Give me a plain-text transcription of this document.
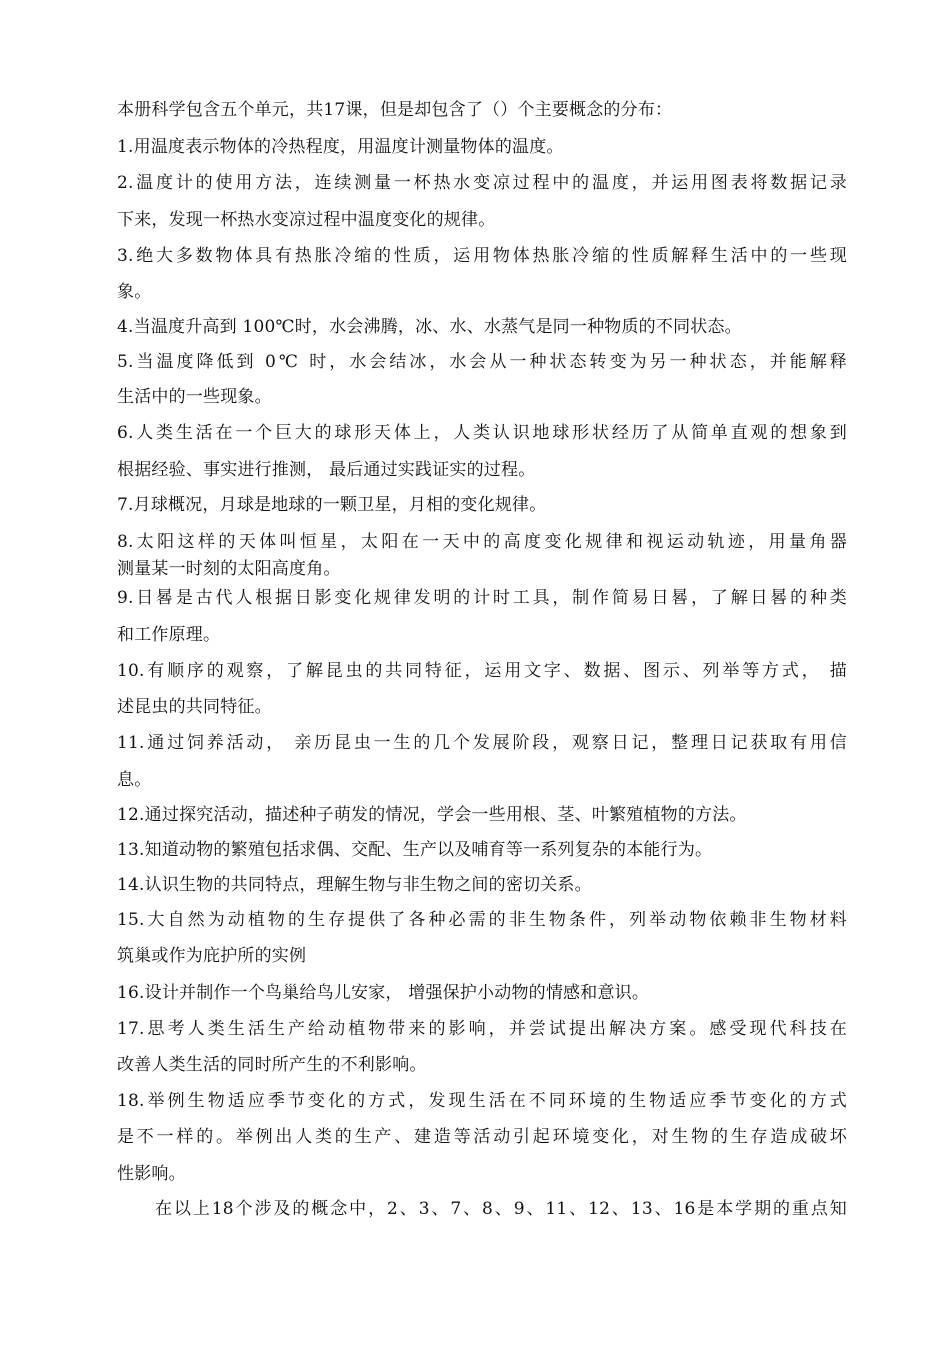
本册科学包含五个单元，共17课，但是却包含了（）个主要概念的分布：
1.用温度表示物体的冷热程度，用温度计测量物体的温度。
2.温度计的使用方法，连续测量一杯热水变凉过程中的温度，并运用图表将数据记录
下来，发现一杯热水变凉过程中温度变化的规律。
3.绝大多数物体具有热胀冷缩的性质，运用物体热胀冷缩的性质解释生活中的一些现
象。
4.当温度升高到 100℃时，水会沸腾，冰、水、水蒸气是同一种物质的不同状态。
5.当温度降低到 0℃ 时，水会结冰，水会从一种状态转变为另一种状态，并能解释
生活中的一些现象。
6.人类生活在一个巨大的球形天体上，人类认识地球形状经历了从简单直观的想象到
根据经验、事实进行推测， 最后通过实践证实的过程。
7.月球概况，月球是地球的一颗卫星，月相的变化规律。
8.太阳这样的天体叫恒星，太阳在一天中的高度变化规律和视运动轨迹，用量角器
测量某一时刻的太阳高度角。
9.日晷是古代人根据日影变化规律发明的计时工具，制作简易日晷，了解日晷的种类
和工作原理。
10.有顺序的观察，了解昆虫的共同特征，运用文字、数据、图示、列举等方式， 描
述昆虫的共同特征。
11.通过饲养活动， 亲历昆虫一生的几个发展阶段，观察日记，整理日记获取有用信
息。
12.通过探究活动，描述种子萌发的情况，学会一些用根、茎、叶繁殖植物的方法。
13.知道动物的繁殖包括求偶、交配、生产以及哺育等一系列复杂的本能行为。
14.认识生物的共同特点，理解生物与非生物之间的密切关系。
15.大自然为动植物的生存提供了各种必需的非生物条件，列举动物依赖非生物材料
筑巢或作为庇护所的实例
16.设计并制作一个鸟巢给鸟儿安家， 增强保护小动物的情感和意识。
17.思考人类生活生产给动植物带来的影响，并尝试提出解决方案。感受现代科技在
改善人类生活的同时所产生的不利影响。
18.举例生物适应季节变化的方式，发现生活在不同环境的生物适应季节变化的方式
是不一样的。举例出人类的生产、建造等活动引起环境变化，对生物的生存造成破坏
性影响。
在以上18个涉及的概念中，2、3、7、8、9、11、12、13、16是本学期的重点知
